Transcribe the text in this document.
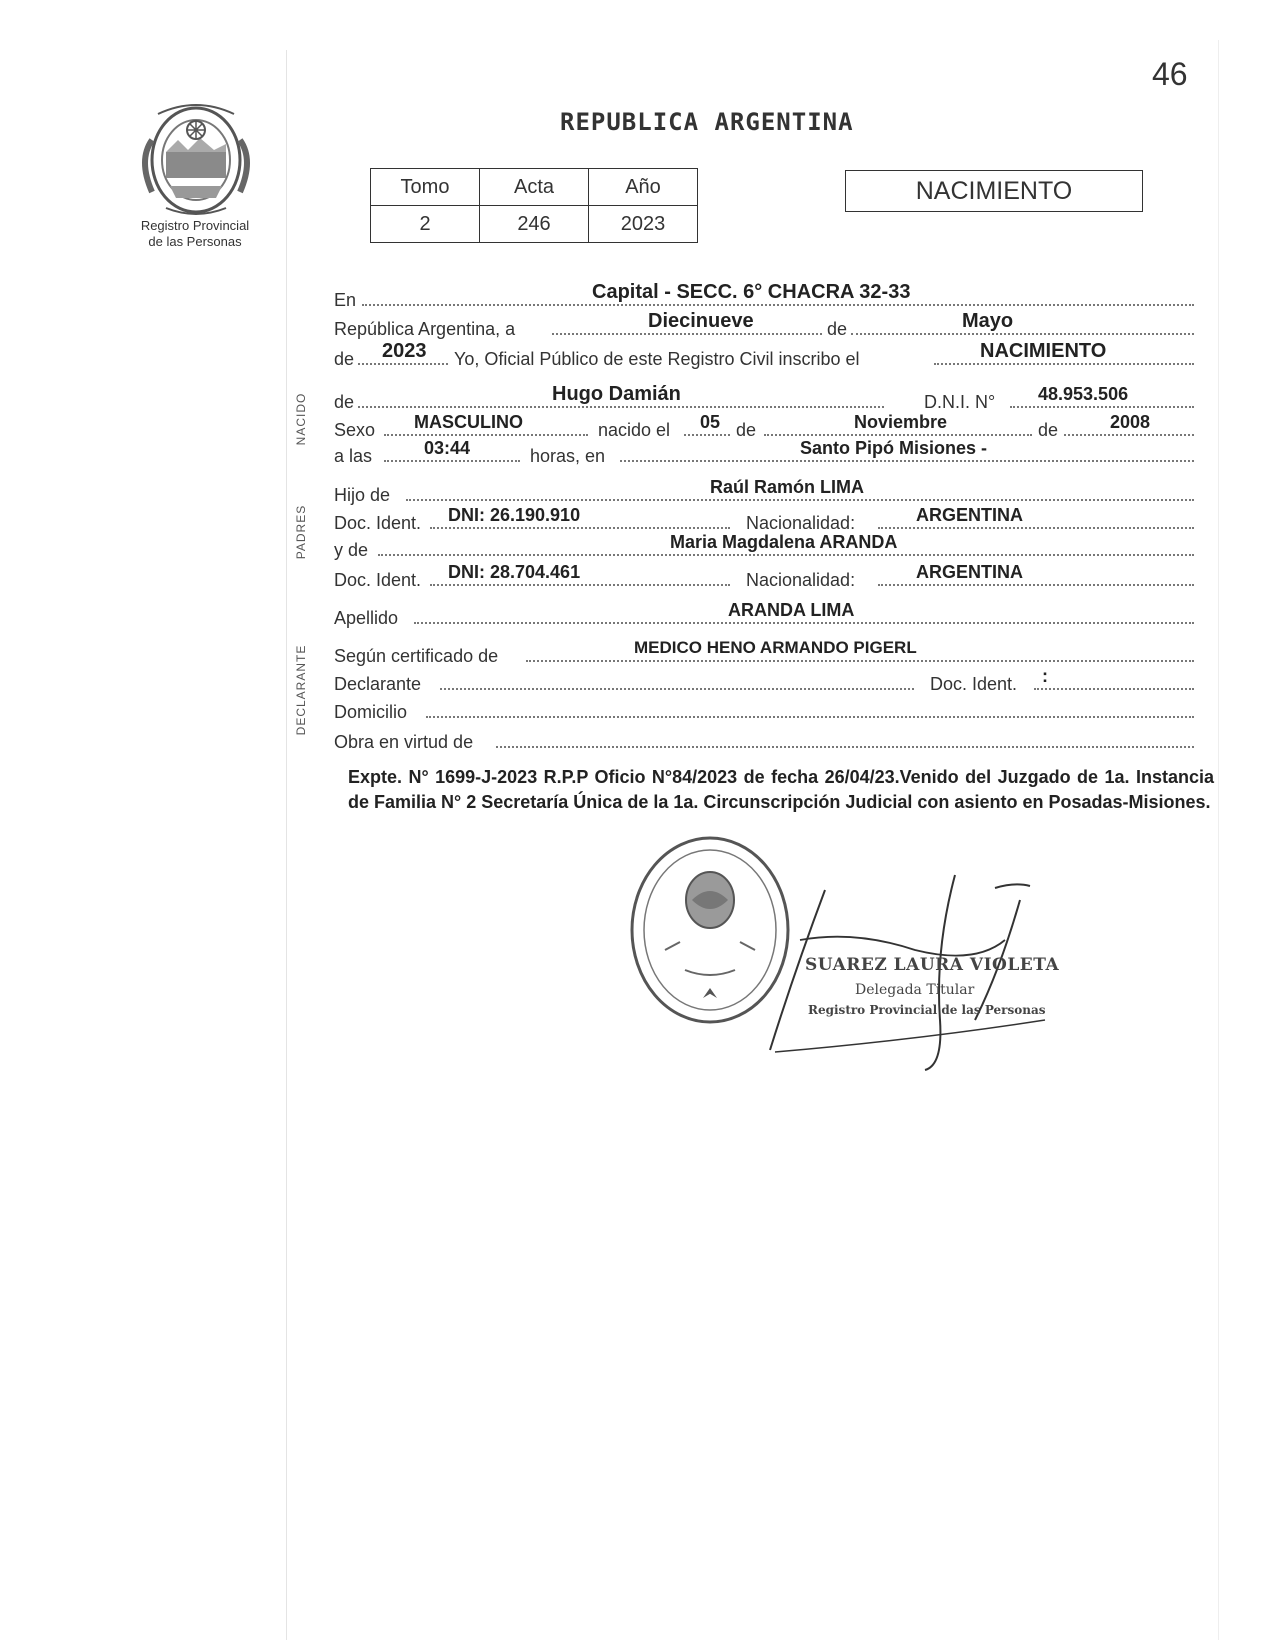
46
Registro Provincial
de las Personas
REPUBLICA ARGENTINA
Tomo	Acta	Año
2	246	2023
NACIMIENTO
NACIDO
PADRES
DECLARANTE
En	Capital - SECC. 6° CHACRA 32-33
República Argentina, a	Diecinueve	de	Mayo
de 2023 Yo, Oficial Público de este Registro Civil inscribo el	NACIMIENTO
de	Hugo Damián	D.N.I. N° 48.953.506
Sexo MASCULINO	nacido el 05 de	Noviembre	de	2008
a las	03:44	horas, en	Santo Pipó Misiones -
Hijo de	Raúl Ramón LIMA
Doc. Ident. DNI: 26.190.910	Nacionalidad:	ARGENTINA
y de	Maria Magdalena ARANDA
Doc. Ident. DNI: 28.704.461	Nacionalidad:	ARGENTINA
Apellido	ARANDA LIMA
Según certificado de	MEDICO HENO ARMANDO PIGERL
Declarante	Doc. Ident. :
Domicilio
Obra en virtud de
Expte. N° 1699-J-2023 R.P.P Oficio N°84/2023 de fecha 26/04/23.Venido del Juzgado de 1a. Instancia de Familia N° 2 Secretaría Única de la 1a. Circunscripción Judicial con asiento en Posadas-Misiones.
SUAREZ LAURA VIOLETA
Delegada Titular
Registro Provincial de las Personas
